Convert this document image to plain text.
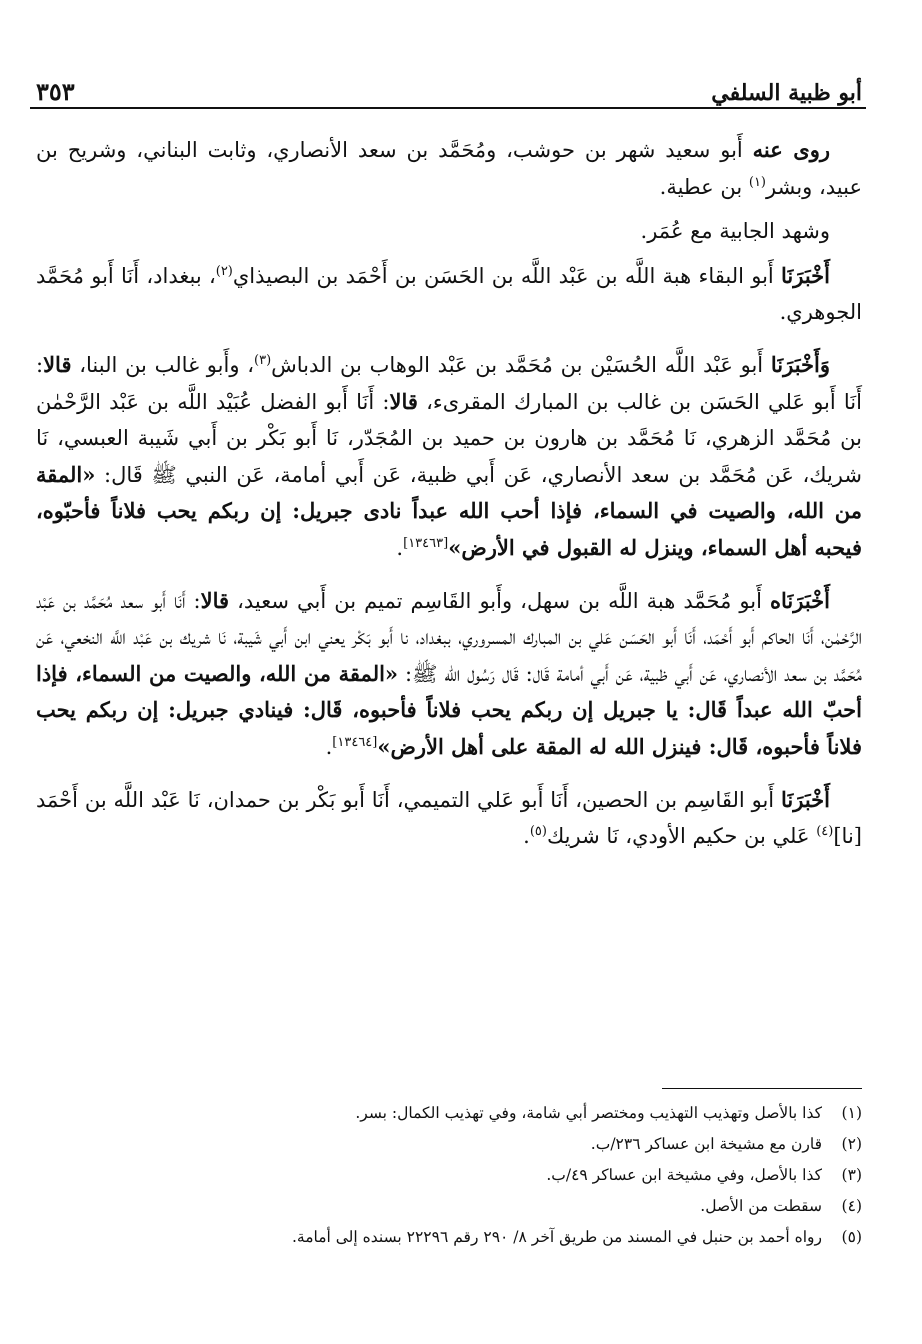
أبو ظبية السلفي
٣٥٣

روى عنه أَبو سعيد شهر بن حوشب، ومُحَمَّد بن سعد الأنصاري، وثابت البناني، وشريح بن عبيد، وبشر$^{(١)}$ بن عطية.

وشهد الجابية مع عُمَر.

أَخْبَرَنَا أَبو البقاء هبة اللَّه بن عَبْد اللَّه بن الحَسَن بن أَحْمَد بن البصيذاي$^{(٢)}$، ببغداد، أَنَا أَبو مُحَمَّد الجوهري.

وَأَخْبَرَنَا أَبو عَبْد اللَّه الحُسَيْن بن مُحَمَّد بن عَبْد الوهاب بن الدباش$^{(٣)}$، وأَبو غالب بن البنا، قالا: أَنَا أَبو عَلي الحَسَن بن غالب بن المبارك المقرىء، قالا: أَنَا أَبو الفضل عُبَيْد اللَّه بن عَبْد الرَّحْمٰن بن مُحَمَّد الزهري، نَا مُحَمَّد بن هارون بن حميد بن المُجَدّر، نَا أَبو بَكْر بن أَبي شَيبة العبسي، نَا شريك، عَن مُحَمَّد بن سعد الأنصاري، عَن أَبي ظبية، عَن أَبي أمامة، عَن النبي ﷺ قَال: «المقة من الله، والصيت في السماء، فإذا أحب الله عبداً نادى جبريل: إن ربكم يحب فلاناً فأحبّوه، فيحبه أهل السماء، وينزل له القبول في الأرض»[١٣٤٦٣].

أَخْبَرَنَاه أَبو مُحَمَّد هبة اللَّه بن سهل، وأَبو القَاسِم تميم بن أَبي سعيد، قالا: أَنَا أَبو سعد مُحَمَّد بن عَبْد الرَّحْمٰن، أَنَا الحاكم أَبو أَحْمَد، أَنَا أَبو الحَسَن عَلي بن المبارك المسروري، ببغداد، نا أَبو بَكْر يعني ابن أَبي شَيبة، نَا شريك بن عَبْد اللَّه النخعي، عَن مُحَمَّد بن سعد الأنصاري، عَن أَبي ظبية، عَن أَبي أمامة قَال: قَال رَسُول الله ﷺ: «المقة من الله، والصيت من السماء، فإذا أحبّ الله عبداً قَال: يا جبريل إن ربكم يحب فلاناً فأحبوه، قَال: فينادي جبريل: إن ربكم يحب فلاناً فأحبوه، قَال: فينزل الله له المقة على أهل الأرض»[١٣٤٦٤].

أَخْبَرَنَا أَبو القَاسِم بن الحصين، أَنَا أَبو عَلي التميمي، أَنَا أَبو بَكْر بن حمدان، نَا عَبْد اللَّه بن أَحْمَد [نا]$^{(٤)}$ عَلي بن حكيم الأودي، نَا شريك$^{(٥)}$.

(١)
كذا بالأصل وتهذيب التهذيب ومختصر أبي شامة، وفي تهذيب الكمال: بسر.
(٢)
قارن مع مشيخة ابن عساكر ٢٣٦/ب.
(٣)
كذا بالأصل، وفي مشيخة ابن عساكر ٤٩/ب.
(٤)
سقطت من الأصل.
(٥)
رواه أحمد بن حنبل في المسند من طريق آخر ٨/ ٢٩٠ رقم ٢٢٢٩٦ بسنده إلى أمامة.
